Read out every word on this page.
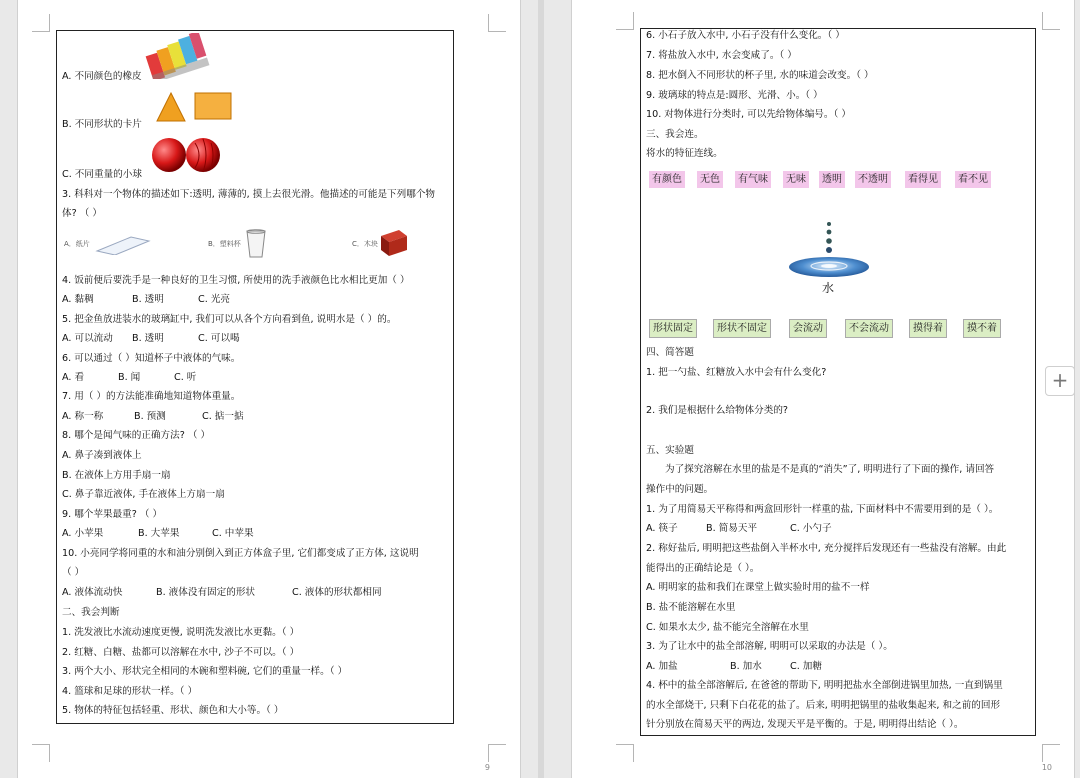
A. 不同颜色的橡皮
B. 不同形状的卡片
C. 不同重量的小球
3. 科科对一个物体的描述如下:透明, 薄薄的, 摸上去很光滑。他描述的可能是下列哪个物
体? （ ）
A．纸片	B．塑料杯	C．木块
4. 饭前便后要洗手是一种良好的卫生习惯, 所使用的洗手液颜色比水相比更加（ ）
A. 黏稠	B. 透明	C. 光亮
5. 把金鱼放进装水的玻璃缸中, 我们可以从各个方向看到鱼, 说明水是（ ）的。
A. 可以流动 B. 透明	C. 可以喝
6. 可以通过（ ）知道杯子中液体的气味。
A. 看	B. 闻	C. 听
7. 用（ ）的方法能准确地知道物体重量。
A. 称一称	B. 预测	C. 掂一掂
8. 哪个是闻气味的正确方法? （ ）
A. 鼻子凑到液体上
B. 在液体上方用手扇一扇
C. 鼻子靠近液体, 手在液体上方扇一扇
9. 哪个苹果最重? （ ）
A. 小苹果	B. 大苹果	C. 中苹果
10. 小亮同学将同重的水和油分别倒入到正方体盒子里, 它们都变成了正方体, 这说明
（ ）
A. 液体流动快	B. 液体没有固定的形状	C. 液体的形状都相同
二、我会判断
1. 洗发液比水流动速度更慢, 说明洗发液比水更黏。（ ）
2. 红糖、白糖、盐都可以溶解在水中, 沙子不可以。（ ）
3. 两个大小、形状完全相同的木碗和塑料碗, 它们的重量一样。（ ）
4. 篮球和足球的形状一样。（ ）
5. 物体的特征包括轻重、形状、颜色和大小等。（ ）
9
6. 小石子放入水中, 小石子没有什么变化。（ ）
7. 将盐放入水中, 水会变咸了。（ ）
8. 把水倒入不同形状的杯子里, 水的味道会改变。（ ）
9. 玻璃球的特点是:圆形、光滑、小。（ ）
10. 对物体进行分类时, 可以先给物体编号。（ ）
三、我会连。
将水的特征连线。
有颜色	无色	有气味	无味	透明	不透明	看得见	看不见
水
形状固定	形状不固定	会流动	不会流动	摸得着	摸不着
四、简答题
1. 把一勺盐、红糖放入水中会有什么变化?
2. 我们是根据什么给物体分类的?
五、实验题
为了探究溶解在水里的盐是不是真的“消失”了, 明明进行了下面的操作, 请回答
操作中的问题。
1. 为了用简易天平称得和两盒回形针一样重的盐, 下面材料中不需要用到的是（ ）。
A. 筷子	B. 简易天平	C. 小勺子
2. 称好盐后, 明明把这些盐倒入半杯水中, 充分搅拌后发现还有一些盐没有溶解。由此
能得出的正确结论是（ ）。
A. 明明家的盐和我们在课堂上做实验时用的盐不一样
B. 盐不能溶解在水里
C. 如果水太少, 盐不能完全溶解在水里
3. 为了让水中的盐全部溶解, 明明可以采取的办法是（ ）。
A. 加盐	B. 加水	C. 加糖
4. 杯中的盐全部溶解后, 在爸爸的帮助下, 明明把盐水全部倒进锅里加热, 一直到锅里
的水全部烧干, 只剩下白花花的盐了。后来, 明明把锅里的盐收集起来, 和之前的回形
针分别放在简易天平的两边, 发现天平是平衡的。于是, 明明得出结论（ ）。
10
+
